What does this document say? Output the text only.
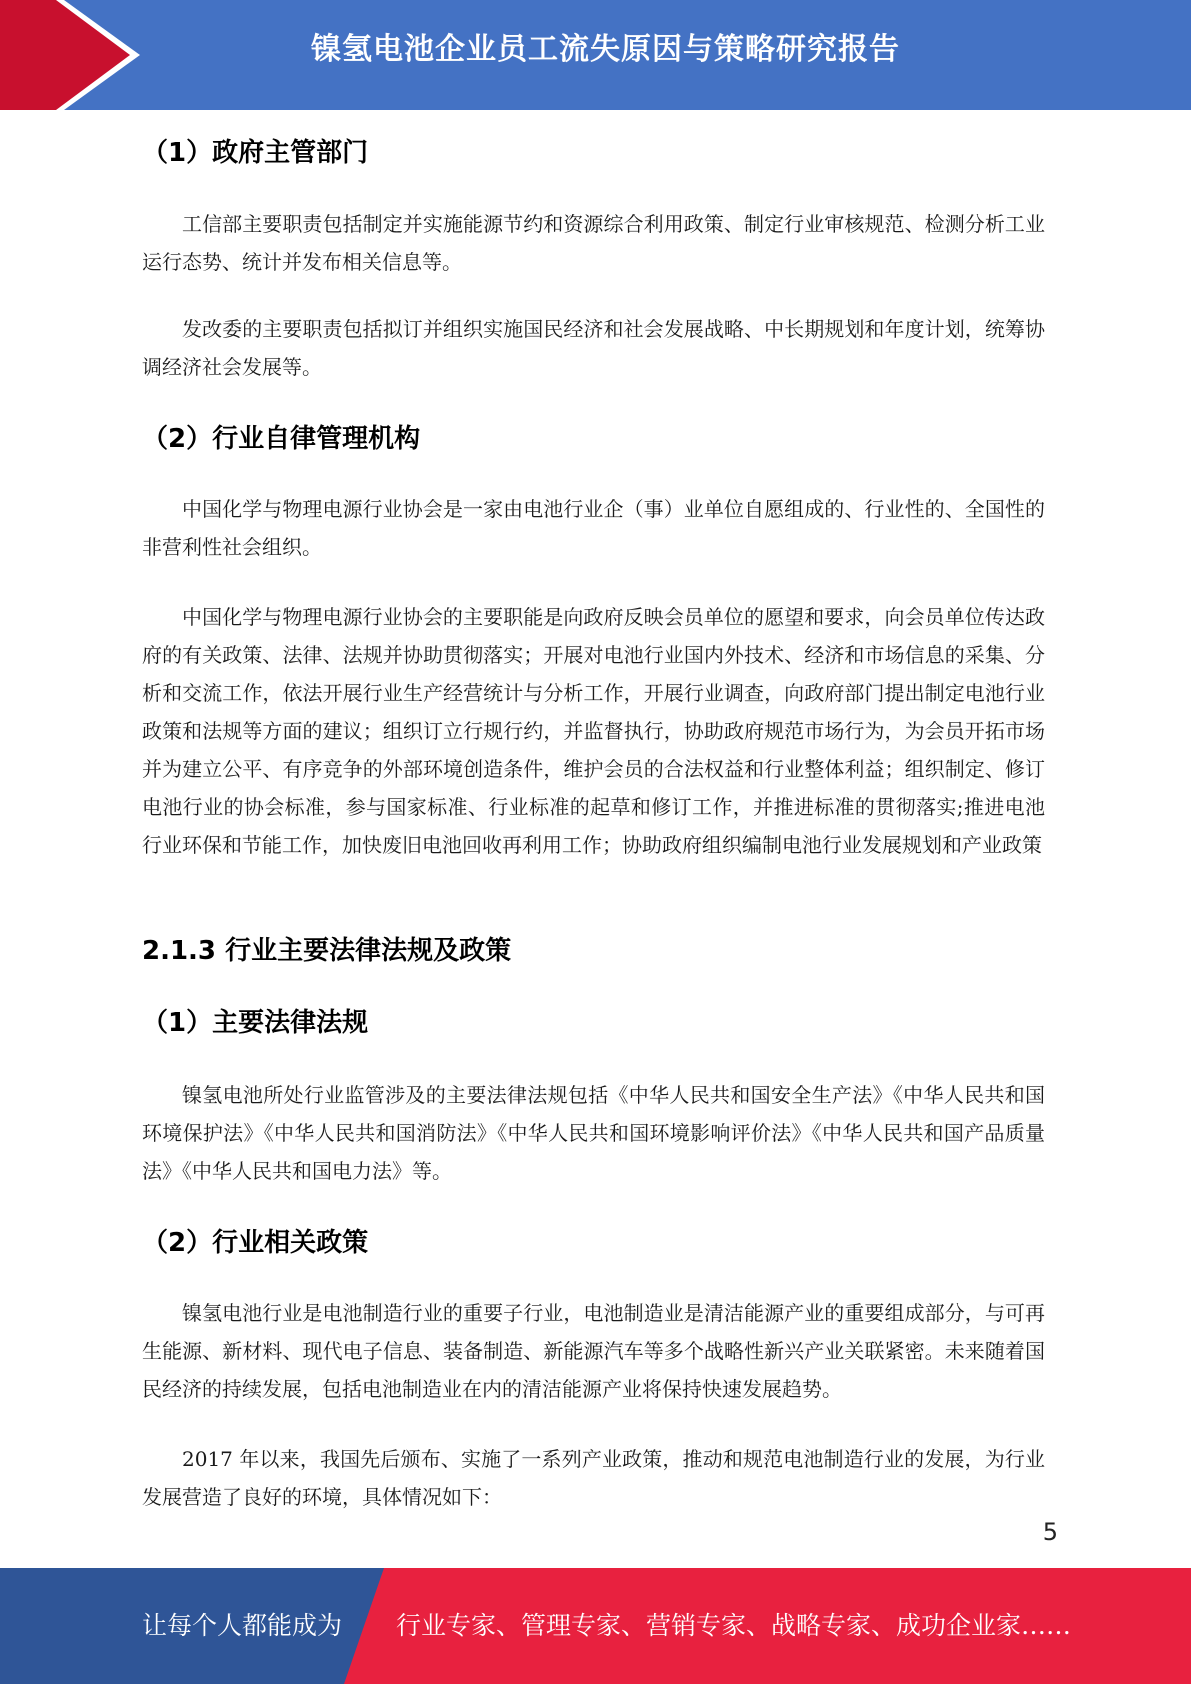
镍氢电池企业员工流失原因与策略研究报告
（1）政府主管部门
工信部主要职责包括制定并实施能源节约和资源综合利用政策、制定行业审核规范、检测分析工业运行态势、统计并发布相关信息等。
发改委的主要职责包括拟订并组织实施国民经济和社会发展战略、中长期规划和年度计划，统筹协调经济社会发展等。
（2）行业自律管理机构
中国化学与物理电源行业协会是一家由电池行业企（事）业单位自愿组成的、行业性的、全国性的非营利性社会组织。
中国化学与物理电源行业协会的主要职能是向政府反映会员单位的愿望和要求，向会员单位传达政府的有关政策、法律、法规并协助贯彻落实；开展对电池行业国内外技术、经济和市场信息的采集、分析和交流工作，依法开展行业生产经营统计与分析工作，开展行业调查，向政府部门提出制定电池行业政策和法规等方面的建议；组织订立行规行约，并监督执行，协助政府规范市场行为，为会员开拓市场并为建立公平、有序竞争的外部环境创造条件，维护会员的合法权益和行业整体利益；组织制定、修订电池行业的协会标准，参与国家标准、行业标准的起草和修订工作，并推进标准的贯彻落实;推进电池行业环保和节能工作，加快废旧电池回收再利用工作；协助政府组织编制电池行业发展规划和产业政策
2.1.3 行业主要法律法规及政策
（1）主要法律法规
镍氢电池所处行业监管涉及的主要法律法规包括《中华人民共和国安全生产法》《中华人民共和国环境保护法》《中华人民共和国消防法》《中华人民共和国环境影响评价法》《中华人民共和国产品质量法》《中华人民共和国电力法》等。
（2）行业相关政策
镍氢电池行业是电池制造行业的重要子行业，电池制造业是清洁能源产业的重要组成部分，与可再生能源、新材料、现代电子信息、装备制造、新能源汽车等多个战略性新兴产业关联紧密。未来随着国民经济的持续发展，包括电池制造业在内的清洁能源产业将保持快速发展趋势。
2017 年以来，我国先后颁布、实施了一系列产业政策，推动和规范电池制造行业的发展，为行业发展营造了良好的环境，具体情况如下：
5
让每个人都能成为 行业专家、管理专家、营销专家、战略专家、成功企业家……
